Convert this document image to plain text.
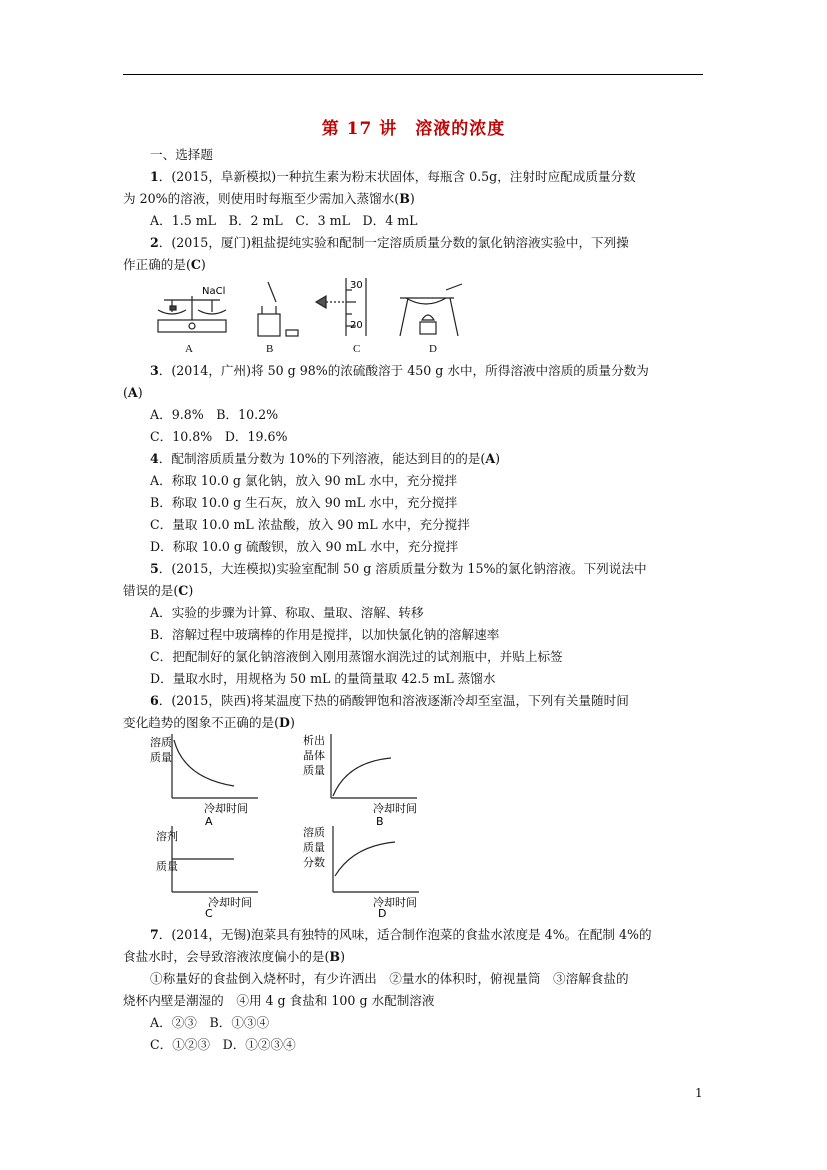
第 17 讲　溶液的浓度
一、选择题
1．(2015，阜新模拟)一种抗生素为粉末状固体，每瓶含 0.5g，注射时应配成质量分数
为 20%的溶液，则使用时每瓶至少需加入蒸馏水(B)
A．1.5 mL　B．2 mL　C．3 mL　D．4 mL
2．(2015，厦门)粗盐提纯实验和配制一定溶质质量分数的氯化钠溶液实验中，下列操
作正确的是(C)
NaCl
30
20
A	B	C	D
3．(2014，广州)将 50 g 98%的浓硫酸溶于 450 g 水中，所得溶液中溶质的质量分数为
(A)
A．9.8%　B．10.2%
C．10.8%　D．19.6%
4．配制溶质质量分数为 10%的下列溶液，能达到目的的是(A)
A．称取 10.0 g 氯化钠，放入 90 mL 水中，充分搅拌
B．称取 10.0 g 生石灰，放入 90 mL 水中，充分搅拌
C．量取 10.0 mL 浓盐酸，放入 90 mL 水中，充分搅拌
D．称取 10.0 g 硫酸钡，放入 90 mL 水中，充分搅拌
5．(2015，大连模拟)实验室配制 50 g 溶质质量分数为 15%的氯化钠溶液。下列说法中
错误的是(C)
A．实验的步骤为计算、称取、量取、溶解、转移
B．溶解过程中玻璃棒的作用是搅拌，以加快氯化钠的溶解速率
C．把配制好的氯化钠溶液倒入刚用蒸馏水润洗过的试剂瓶中，并贴上标签
D．量取水时，用规格为 50 mL 的量筒量取 42.5 mL 蒸馏水
6．(2015，陕西)将某温度下热的硝酸钾饱和溶液逐渐冷却至室温，下列有关量随时间
变化趋势的图象不正确的是(D)
溶质
质量
冷却时间
A
析出
晶体
质量
冷却时间
B
溶剂
质量
冷却时间
C
溶质
质量
分数
冷却时间
D
7．(2014，无锡)泡菜具有独特的风味，适合制作泡菜的食盐水浓度是 4%。在配制 4%的
食盐水时，会导致溶液浓度偏小的是(B)
①称量好的食盐倒入烧杯时，有少许洒出　②量水的体积时，俯视量筒　③溶解食盐的
烧杯内壁是潮湿的　④用 4 g 食盐和 100 g 水配制溶液
A．②③　B．①③④
C．①②③　D．①②③④
1
